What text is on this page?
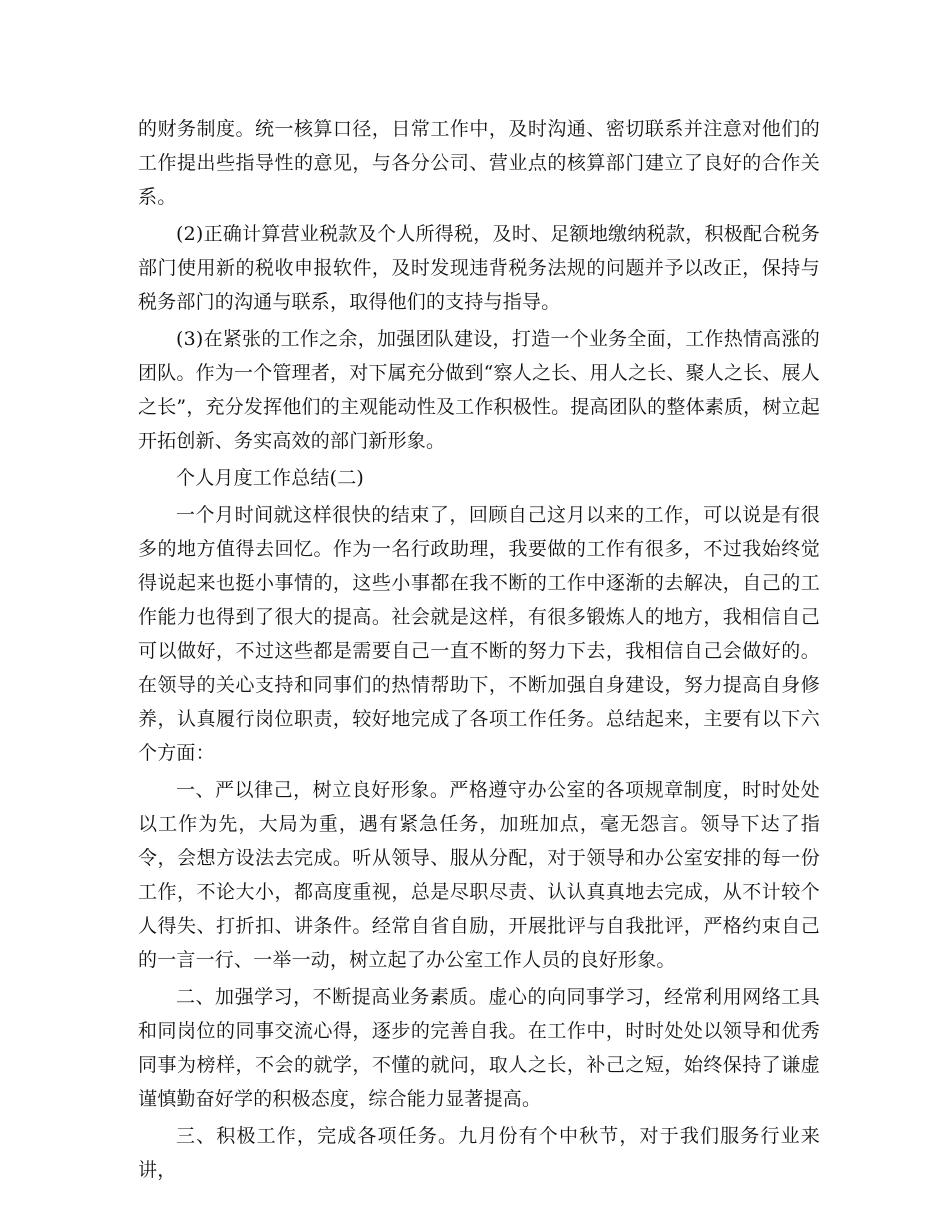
的财务制度。统一核算口径，日常工作中，及时沟通、密切联系并注意对他们的工作提出些指导性的意见，与各分公司、营业点的核算部门建立了良好的合作关系。

(2)正确计算营业税款及个人所得税，及时、足额地缴纳税款，积极配合税务部门使用新的税收申报软件，及时发现违背税务法规的问题并予以改正，保持与税务部门的沟通与联系，取得他们的支持与指导。

(3)在紧张的工作之余，加强团队建设，打造一个业务全面，工作热情高涨的团队。作为一个管理者，对下属充分做到“察人之长、用人之长、聚人之长、展人之长”，充分发挥他们的主观能动性及工作积极性。提高团队的整体素质，树立起开拓创新、务实高效的部门新形象。

个人月度工作总结(二)

一个月时间就这样很快的结束了，回顾自己这月以来的工作，可以说是有很多的地方值得去回忆。作为一名行政助理，我要做的工作有很多，不过我始终觉得说起来也挺小事情的，这些小事都在我不断的工作中逐渐的去解决，自己的工作能力也得到了很大的提高。社会就是这样，有很多锻炼人的地方，我相信自己可以做好，不过这些都是需要自己一直不断的努力下去，我相信自己会做好的。在领导的关心支持和同事们的热情帮助下，不断加强自身建设，努力提高自身修养，认真履行岗位职责，较好地完成了各项工作任务。总结起来，主要有以下六个方面：

一、严以律己，树立良好形象。严格遵守办公室的各项规章制度，时时处处以工作为先，大局为重，遇有紧急任务，加班加点，毫无怨言。领导下达了指令，会想方设法去完成。听从领导、服从分配，对于领导和办公室安排的每一份工作，不论大小，都高度重视，总是尽职尽责、认认真真地去完成，从不计较个人得失、打折扣、讲条件。经常自省自励，开展批评与自我批评，严格约束自己的一言一行、一举一动，树立起了办公室工作人员的良好形象。

二、加强学习，不断提高业务素质。虚心的向同事学习，经常利用网络工具和同岗位的同事交流心得，逐步的完善自我。在工作中，时时处处以领导和优秀同事为榜样，不会的就学，不懂的就问，取人之长，补己之短，始终保持了谦虚谨慎勤奋好学的积极态度，综合能力显著提高。

三、积极工作，完成各项任务。九月份有个中秋节，对于我们服务行业来讲，
